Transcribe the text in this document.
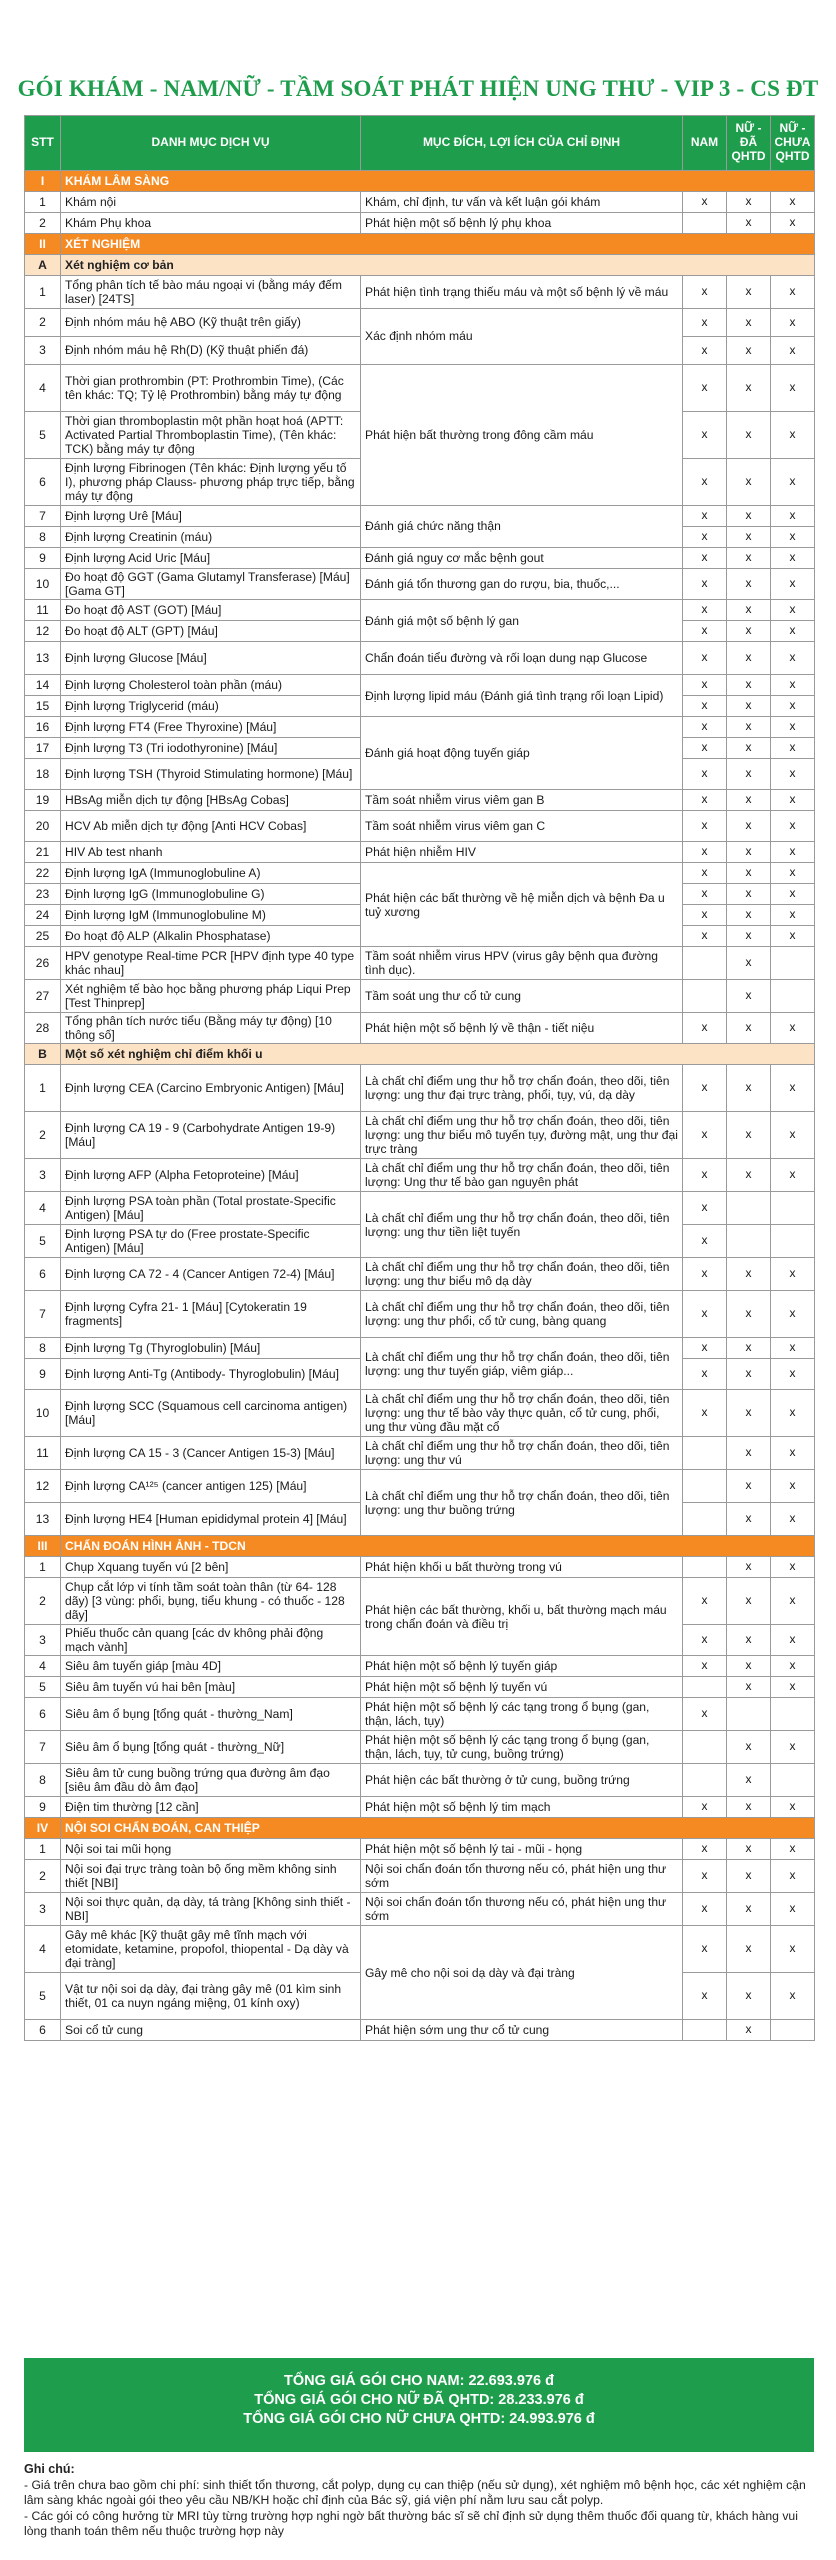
GÓI KHÁM - NAM/NỮ - TẦM SOÁT PHÁT HIỆN UNG THƯ - VIP 3 - CS ĐT
STT	DANH MỤC DỊCH VỤ	MỤC ĐÍCH, LỢI ÍCH CỦA CHỈ ĐỊNH	NAM	NỮ - ĐÃ QHTD	NỮ - CHƯA QHTD
I	KHÁM LÂM SÀNG				
1	Khám nội	Khám, chỉ định, tư vấn và kết luận gói khám	x	x	x
2	Khám Phụ khoa	Phát hiện một số bệnh lý phụ khoa		x	x
II	XÉT NGHIỆM				
A	Xét nghiệm cơ bản				
1	Tổng phân tích tế bào máu ngoại vi (bằng máy đếm laser) [24TS]	Phát hiện tình trạng thiếu máu và một số bệnh lý về máu	x	x	x
2	Định nhóm máu hệ ABO (Kỹ thuật trên giấy)	Xác định nhóm máu	x	x	x
3	Định nhóm máu hệ Rh(D) (Kỹ thuật phiến đá)		x	x	x
4	Thời gian prothrombin (PT: Prothrombin Time), (Các tên khác: TQ; Tỷ lệ Prothrombin) bằng máy tự động	Phát hiện bất thường trong đông cầm máu	x	x	x
5	Thời gian thromboplastin một phần hoạt hoá (APTT: Activated Partial Thromboplastin Time), (Tên khác: TCK) bằng máy tự động		x	x	x
6	Định lượng Fibrinogen (Tên khác: Định lượng yếu tố I), phương pháp Clauss- phương pháp trực tiếp, bằng máy tự động		x	x	x
7	Định lượng Urê [Máu]	Đánh giá chức năng thận	x	x	x
8	Định lượng Creatinin (máu)		x	x	x
9	Định lượng Acid Uric [Máu]	Đánh giá nguy cơ mắc bệnh gout	x	x	x
10	Đo hoạt độ GGT (Gama Glutamyl Transferase) [Máu] [Gama GT]	Đánh giá tổn thương gan do rượu, bia, thuốc,...	x	x	x
11	Đo hoạt độ AST (GOT) [Máu]	Đánh giá một số bệnh lý gan	x	x	x
12	Đo hoạt độ ALT (GPT) [Máu]		x	x	x
13	Định lượng Glucose [Máu]	Chẩn đoán tiểu đường và rối loạn dung nạp Glucose	x	x	x
14	Định lượng Cholesterol toàn phần (máu)	Định lượng lipid máu (Đánh giá tình trạng rối loạn Lipid)	x	x	x
15	Định lượng Triglycerid (máu)		x	x	x
16	Định lượng FT4 (Free Thyroxine) [Máu]	Đánh giá hoạt động tuyến giáp	x	x	x
17	Định lượng T3 (Tri iodothyronine) [Máu]		x	x	x
18	Định lượng TSH (Thyroid Stimulating hormone) [Máu]		x	x	x
19	HBsAg miễn dịch tự động [HBsAg Cobas]	Tầm soát nhiễm virus viêm gan B	x	x	x
20	HCV Ab miễn dịch tự động [Anti HCV Cobas]	Tầm soát nhiễm virus viêm gan C	x	x	x
21	HIV Ab test nhanh	Phát hiện nhiễm HIV	x	x	x
22	Định lượng IgA (Immunoglobuline A)	Phát hiện các bất thường về hệ miễn dịch và bệnh Đa u tuỷ xương	x	x	x
23	Định lượng IgG (Immunoglobuline G)		x	x	x
24	Định lượng IgM (Immunoglobuline M)		x	x	x
25	Đo hoạt độ ALP (Alkalin Phosphatase)		x	x	x
26	HPV genotype Real-time PCR [HPV định type 40 type khác nhau]	Tầm soát nhiễm virus HPV (virus gây bệnh qua đường tình dục).		x	
27	Xét nghiệm tế bào học bằng phương pháp Liqui Prep [Test Thinprep]	Tầm soát ung thư cổ tử cung		x	
28	Tổng phân tích nước tiểu (Bằng máy tự động) [10 thông số]	Phát hiện một số bệnh lý về thận - tiết niệu	x	x	x
B	Một số xét nghiệm chỉ điểm khối u				
1	Định lượng CEA (Carcino Embryonic Antigen) [Máu]	Là chất chỉ điểm ung thư hỗ trợ chẩn đoán, theo dõi, tiên lượng: ung thư đại trực tràng, phổi, tụy, vú, dạ dày	x	x	x
2	Định lượng CA 19 - 9 (Carbohydrate Antigen 19-9) [Máu]	Là chất chỉ điểm ung thư hỗ trợ chẩn đoán, theo dõi, tiên lượng: ung thư biểu mô tuyến tụy, đường mật, ung thư đại trực tràng	x	x	x
3	Định lượng AFP (Alpha Fetoproteine) [Máu]	Là chất chỉ điểm ung thư hỗ trợ chẩn đoán, theo dõi, tiên lượng: Ung thư tế bào gan nguyên phát	x	x	x
4	Định lượng PSA toàn phần (Total prostate-Specific Antigen) [Máu]	Là chất chỉ điểm ung thư hỗ trợ chẩn đoán, theo dõi, tiên lượng: ung thư tiền liệt tuyến	x		
5	Định lượng PSA tự do (Free prostate-Specific Antigen) [Máu]		x		
6	Định lượng CA 72 - 4 (Cancer Antigen 72-4) [Máu]	Là chất chỉ điểm ung thư hỗ trợ chẩn đoán, theo dõi, tiên lượng: ung thư biểu mô dạ dày	x	x	x
7	Định lượng Cyfra 21- 1 [Máu] [Cytokeratin 19 fragments]	Là chất chỉ điểm ung thư hỗ trợ chẩn đoán, theo dõi, tiên lượng: ung thư phổi, cổ tử cung, bàng quang	x	x	x
8	Định lượng Tg (Thyroglobulin) [Máu]	Là chất chỉ điểm ung thư hỗ trợ chẩn đoán, theo dõi, tiên lượng: ung thư tuyến giáp, viêm giáp...	x	x	x
9	Định lượng Anti-Tg (Antibody- Thyroglobulin) [Máu]		x	x	x
10	Định lượng SCC (Squamous cell carcinoma antigen) [Máu]	Là chất chỉ điểm ung thư hỗ trợ chẩn đoán, theo dõi, tiên lượng: ung thư tế bào vảy thực quản, cổ tử cung, phổi, ung thư vùng đầu mặt cổ	x	x	x
11	Định lượng CA 15 - 3 (Cancer Antigen 15-3) [Máu]	Là chất chỉ điểm ung thư hỗ trợ chẩn đoán, theo dõi, tiên lượng: ung thư vú		x	x
12	Định lượng CA¹²⁵ (cancer antigen 125) [Máu]	Là chất chỉ điểm ung thư hỗ trợ chẩn đoán, theo dõi, tiên lượng: ung thư buồng trứng		x	x
13	Định lượng HE4 [Human epididymal protein 4] [Máu]			x	x
III	CHẨN ĐOÁN HÌNH ẢNH - TDCN				
1	Chụp Xquang tuyến vú [2 bên]	Phát hiện khối u bất thường trong vú		x	x
2	Chụp cắt lớp vi tính tầm soát toàn thân (từ 64- 128 dãy) [3 vùng: phổi, bụng, tiểu khung - có thuốc - 128 dãy]	Phát hiện các bất thường, khối u, bất thường mạch máu trong chẩn đoán và điều trị	x	x	x
3	Phiếu thuốc cản quang [các dv không phải động mạch vành]		x	x	x
4	Siêu âm tuyến giáp [màu 4D]	Phát hiện một số bệnh lý tuyến giáp	x	x	x
5	Siêu âm tuyến vú hai bên [màu]	Phát hiện một số bệnh lý tuyến vú		x	x
6	Siêu âm ổ bụng [tổng quát - thường_Nam]	Phát hiện một số bệnh lý các tạng trong ổ bụng (gan, thận, lách, tụy)	x		
7	Siêu âm ổ bụng [tổng quát - thường_Nữ]	Phát hiện một số bệnh lý các tạng trong ổ bụng (gan, thận, lách, tụy, tử cung, buồng trứng)		x	x
8	Siêu âm tử cung buồng trứng qua đường âm đạo [siêu âm đầu dò âm đạo]	Phát hiện các bất thường ở tử cung, buồng trứng		x	
9	Điện tim thường [12 cần]	Phát hiện một số bệnh lý tim mạch	x	x	x
IV	NỘI SOI CHẨN ĐOÁN, CAN THIỆP				
1	Nội soi tai mũi họng	Phát hiện một số bệnh lý tai - mũi - họng	x	x	x
2	Nội soi đại trực tràng toàn bộ ống mềm không sinh thiết [NBI]	Nội soi chẩn đoán tổn thương nếu có, phát hiện ung thư sớm	x	x	x
3	Nội soi thực quản, dạ dày, tá tràng [Không sinh thiết - NBI]	Nội soi chẩn đoán tổn thương nếu có, phát hiện ung thư sớm	x	x	x
4	Gây mê khác [Kỹ thuật gây mê tĩnh mạch với etomidate, ketamine, propofol, thiopental - Dạ dày và đại tràng]	Gây mê cho nội soi dạ dày và đại tràng	x	x	x
5	Vật tư nội soi dạ dày, đại tràng gây mê (01 kìm sinh thiết, 01 ca nuyn ngáng miệng, 01 kính oxy)		x	x	x
6	Soi cổ tử cung	Phát hiện sớm ung thư cổ tử cung		x	
TỔNG GIÁ GÓI CHO NAM: 22.693.976 đ
TỔNG GIÁ GÓI CHO NỮ ĐÃ QHTD: 28.233.976 đ
TỔNG GIÁ GÓI CHO NỮ CHƯA QHTD: 24.993.976 đ
Ghi chú:
- Giá trên chưa bao gồm chi phí: sinh thiết tổn thương, cắt polyp, dụng cụ can thiệp (nếu sử dụng), xét nghiệm mô bệnh học, các xét nghiệm cận lâm sàng khác ngoài gói theo yêu cầu NB/KH hoặc chỉ định của Bác sỹ, giá viện phí nằm lưu sau cắt polyp.
- Các gói có công hưởng từ MRI tùy từng trường hợp nghi ngờ bất thường bác sĩ sẽ chỉ định sử dụng thêm thuốc đối quang từ, khách hàng vui lòng thanh toán thêm nếu thuộc trường hợp này
